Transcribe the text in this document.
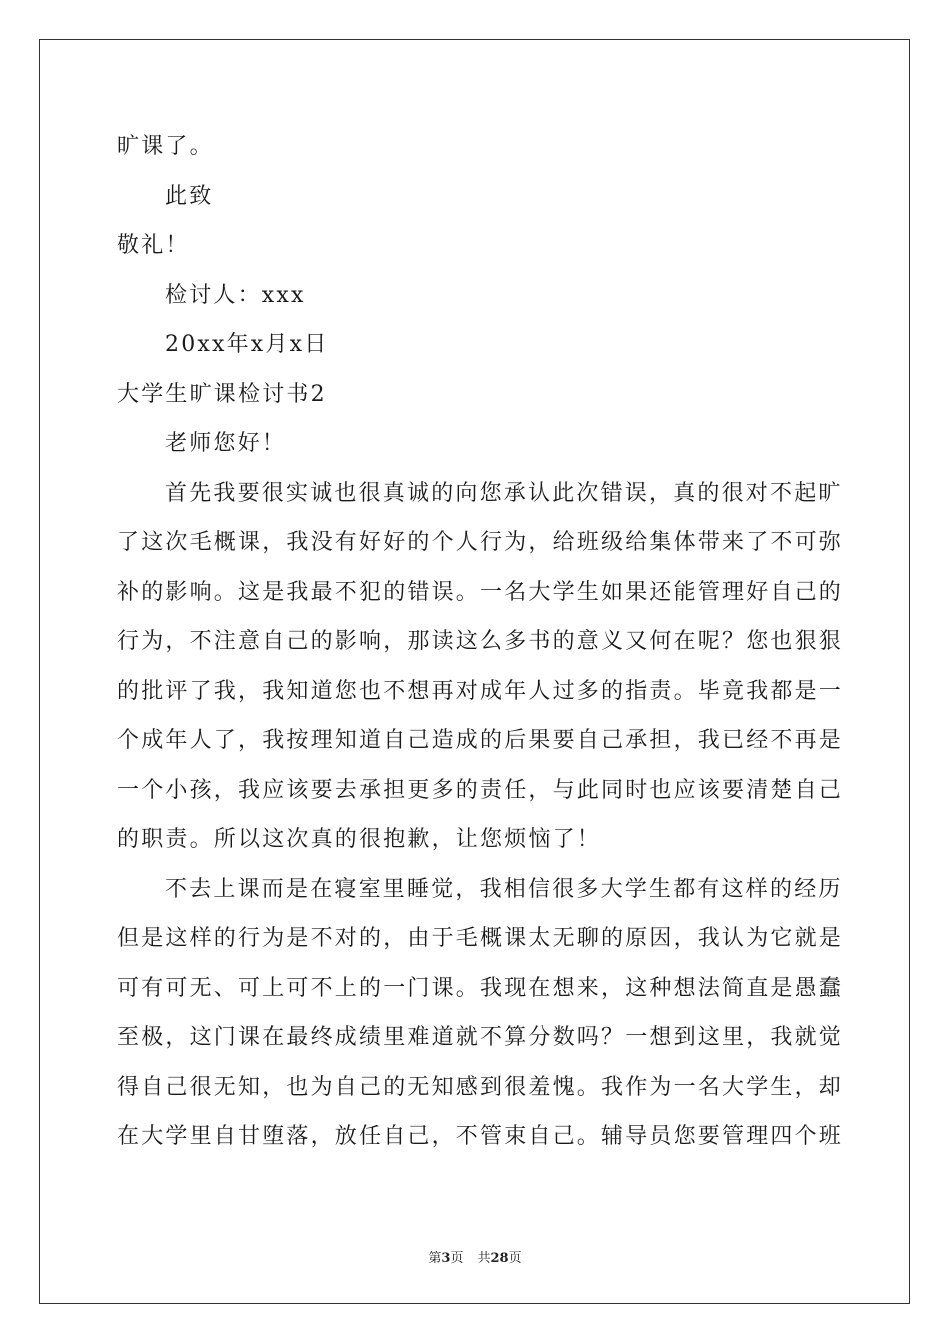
旷课了。
此致
敬礼！
检讨人：xxx
20xx年x月x日
大学生旷课检讨书2
老师您好！
首先我要很实诚也很真诚的向您承认此次错误，真的很对不起旷
了这次毛概课，我没有好好的个人行为，给班级给集体带来了不可弥
补的影响。这是我最不犯的错误。一名大学生如果还能管理好自己的
行为，不注意自己的影响，那读这么多书的意义又何在呢？您也狠狠
的批评了我，我知道您也不想再对成年人过多的指责。毕竟我都是一
个成年人了，我按理知道自己造成的后果要自己承担，我已经不再是
一个小孩，我应该要去承担更多的责任，与此同时也应该要清楚自己
的职责。所以这次真的很抱歉，让您烦恼了！
不去上课而是在寝室里睡觉，我相信很多大学生都有这样的经历
但是这样的行为是不对的，由于毛概课太无聊的原因，我认为它就是
可有可无、可上可不上的一门课。我现在想来，这种想法简直是愚蠢
至极，这门课在最终成绩里难道就不算分数吗？一想到这里，我就觉
得自己很无知，也为自己的无知感到很羞愧。我作为一名大学生，却
在大学里自甘堕落，放任自己，不管束自己。辅导员您要管理四个班
第3页 共28页
